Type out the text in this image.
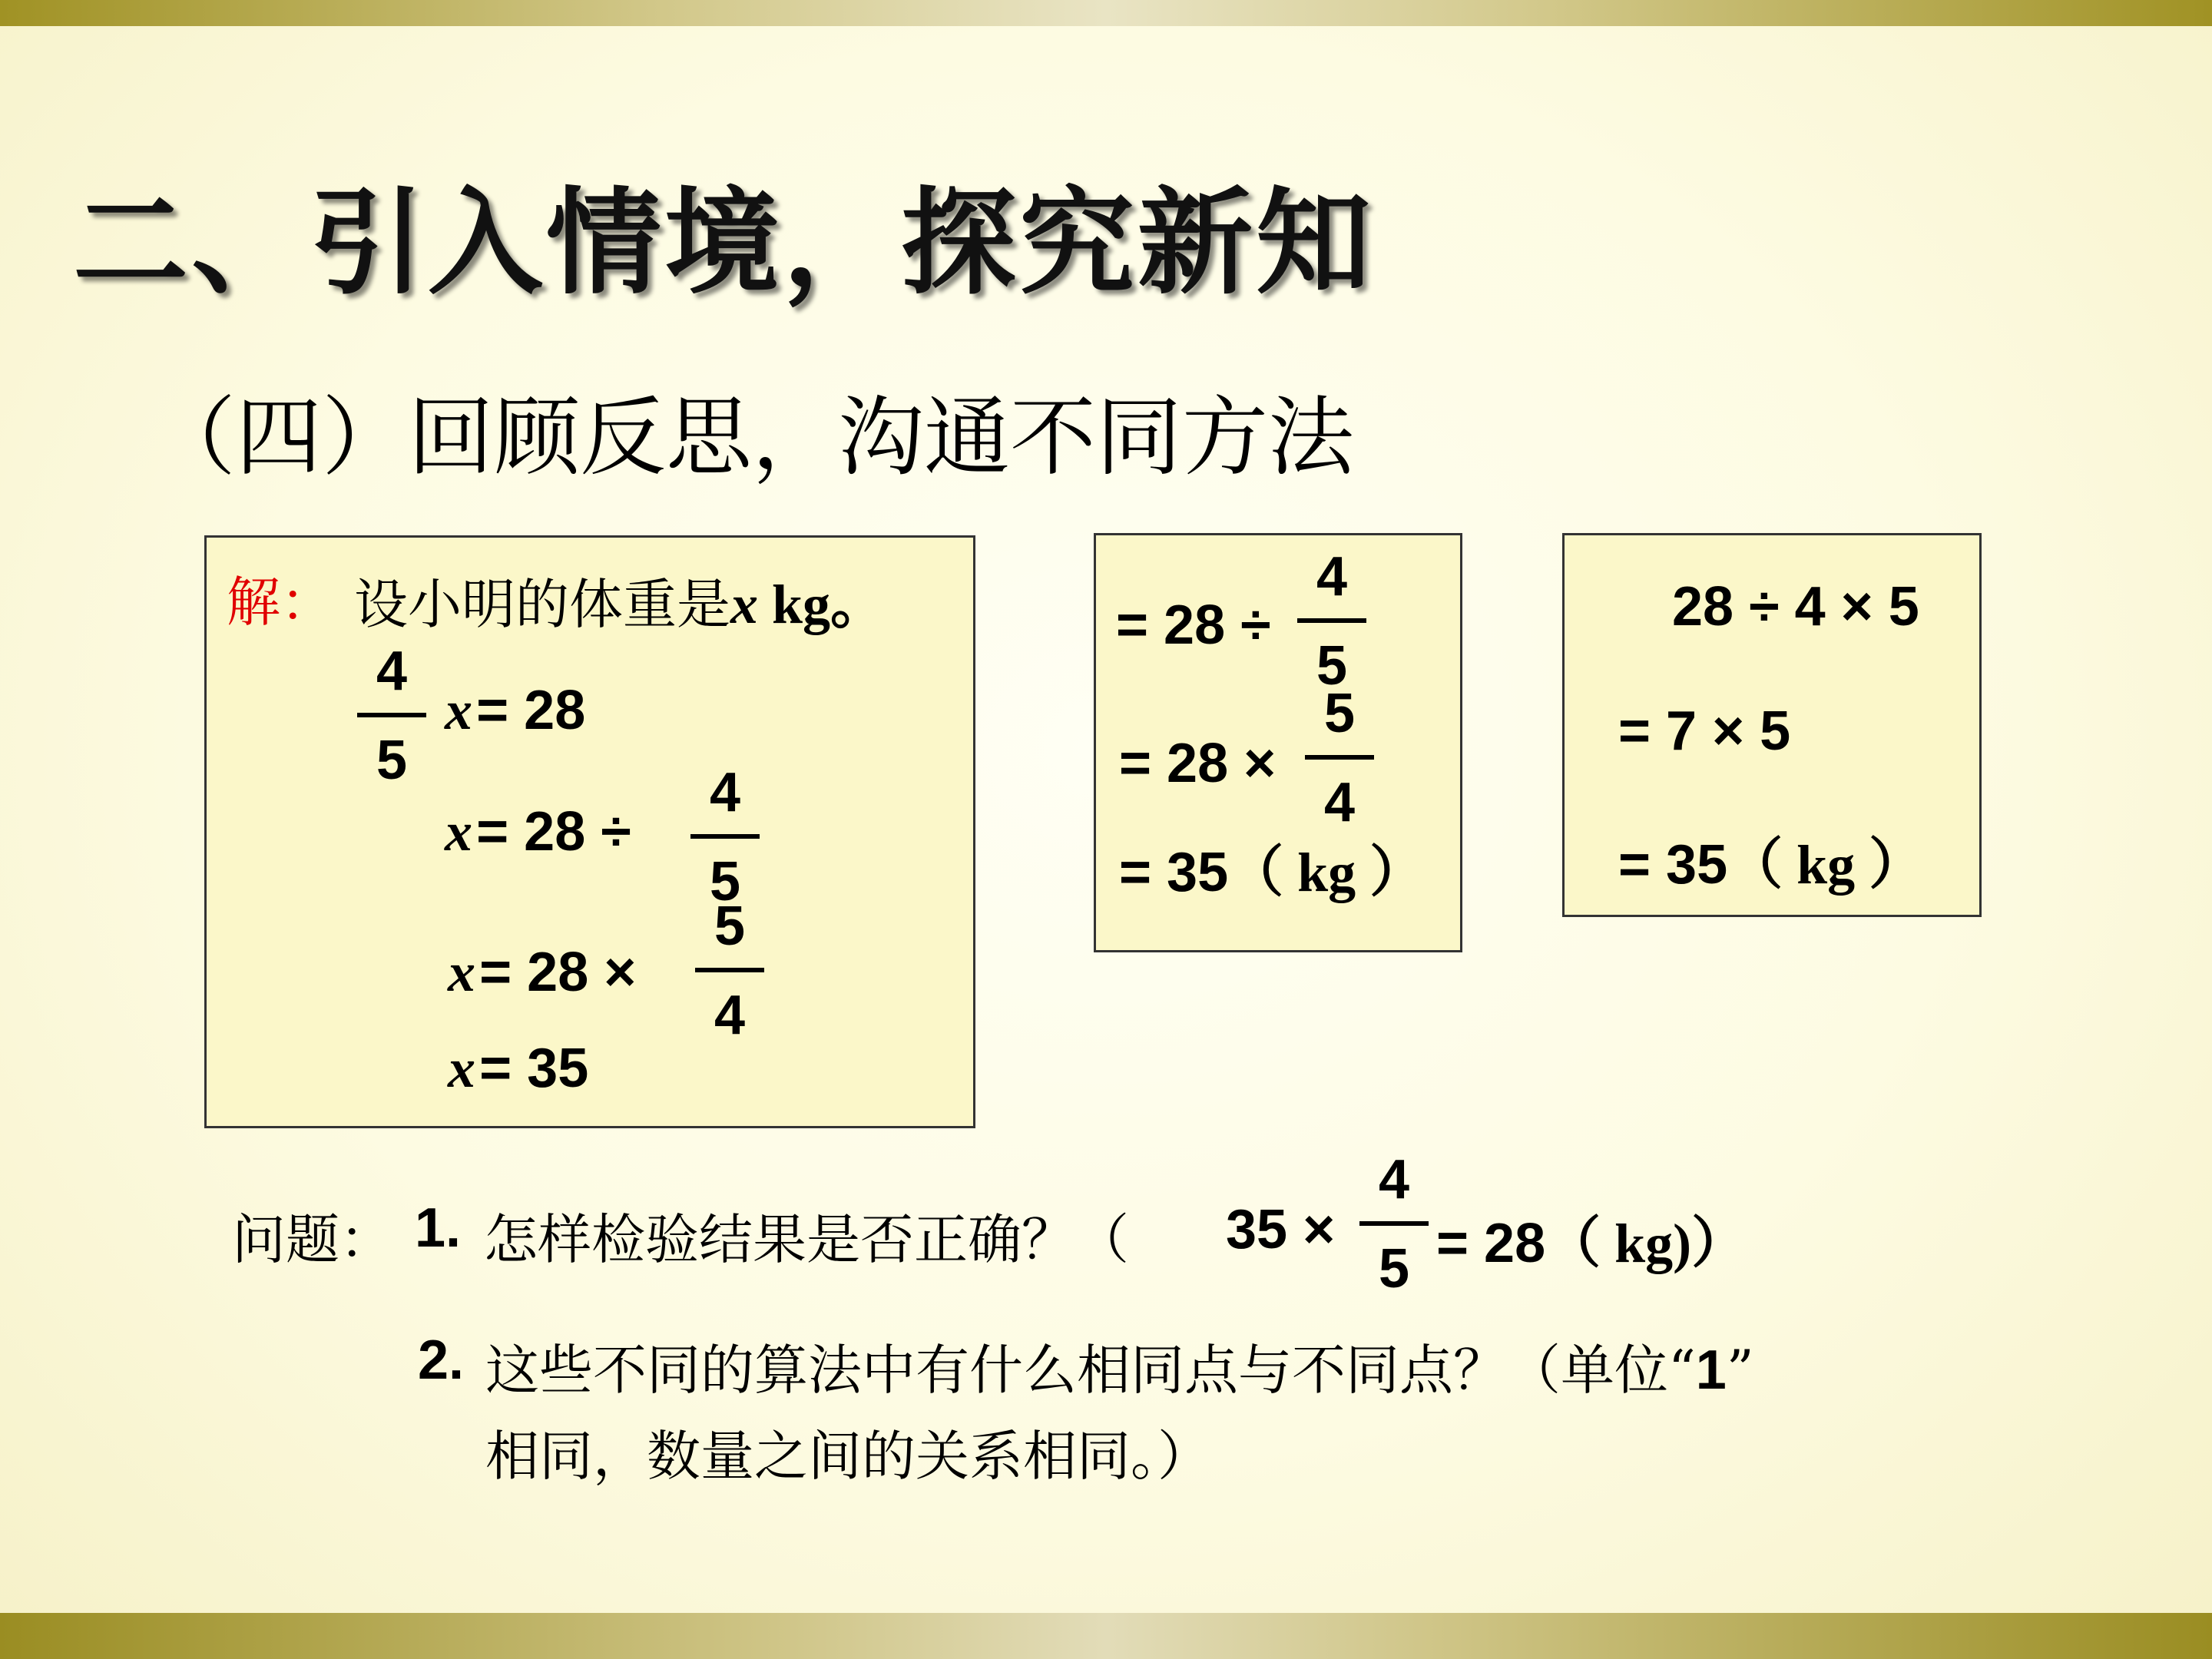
二、引入情境，探究新知
（四）回顾反思，沟通不同方法
解： 设小明的体重是x kg。
4
5
x = 28
x = 28 ÷
4
5
x = 28 ×
5
4
x = 35
= 28 ÷
4
5
= 28 ×
5
4
= 35（ kg ）
28 ÷ 4 × 5
= 7 × 5
= 35（ kg ）
问题： 1. 怎样检验结果是否正确？（ 35 ×
4
5 = 28（ kg)）
2. 这些不同的算法中有什么相同点与不同点？（单位“1”
相同，数量之间的关系相同。）
